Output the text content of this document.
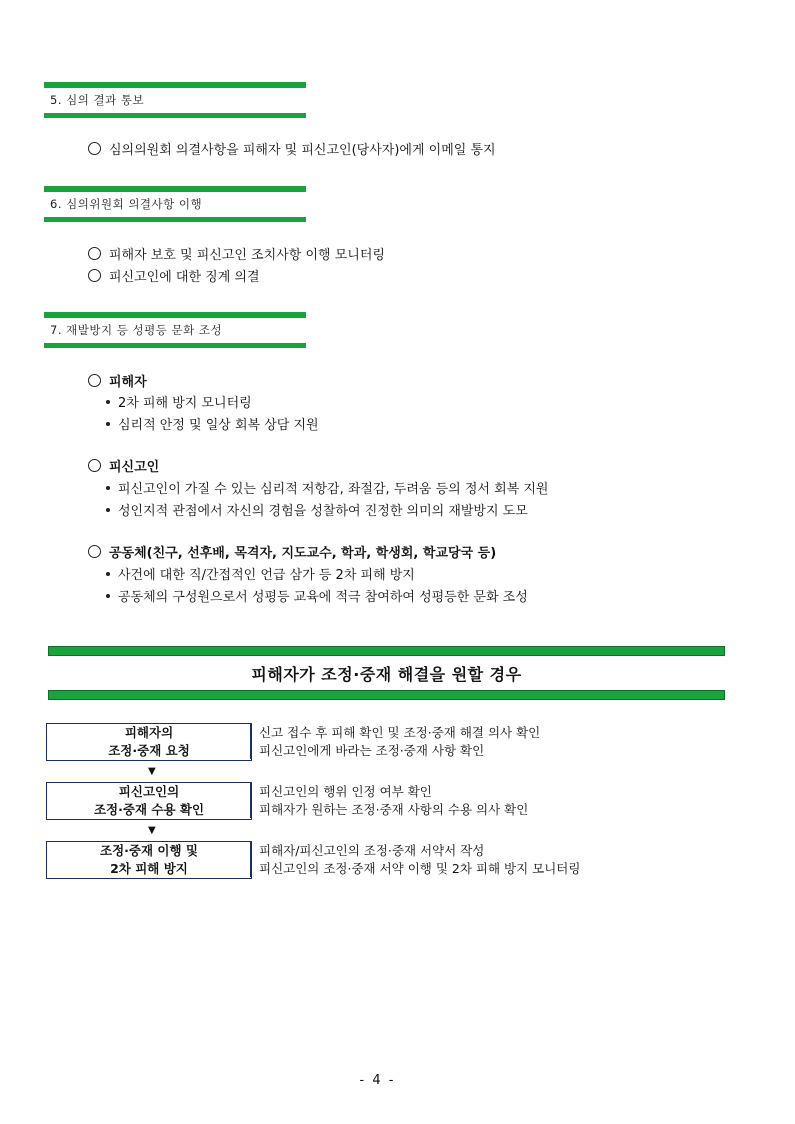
5. 심의 결과 통보
심의의원회 의결사항을 피해자 및 피신고인(당사자)에게 이메일 통지
6. 심의위원회 의결사항 이행
피해자 보호 및 피신고인 조치사항 이행 모니터링
피신고인에 대한 징계 의결
7. 재발방지 등 성평등 문화 조성
피해자
2차 피해 방지 모니터링
심리적 안정 및 일상 회복 상담 지원
피신고인
피신고인이 가질 수 있는 심리적 저항감, 좌절감, 두려움 등의 정서 회복 지원
성인지적 관점에서 자신의 경험을 성찰하여 진정한 의미의 재발방지 도모
공동체(친구, 선후배, 목격자, 지도교수, 학과, 학생회, 학교당국 등)
사건에 대한 직/간접적인 언급 삼가 등 2차 피해 방지
공동체의 구성원으로서 성평등 교육에 적극 참여하여 성평등한 문화 조성
피해자가 조정·중재 해결을 원할 경우
피해자의
조정·중재 요청
신고 접수 후 피해 확인 및 조정·중재 해결 의사 확인
피신고인에게 바라는 조정·중재 사항 확인
▼
피신고인의
조정·중재 수용 확인
피신고인의 행위 인정 여부 확인
피해자가 원하는 조정·중재 사항의 수용 의사 확인
▼
조정·중재 이행 및
2차 피해 방지
피해자/피신고인의 조정·중재 서약서 작성
피신고인의 조정·중재 서약 이행 및 2차 피해 방지 모니터링
- 4 -
